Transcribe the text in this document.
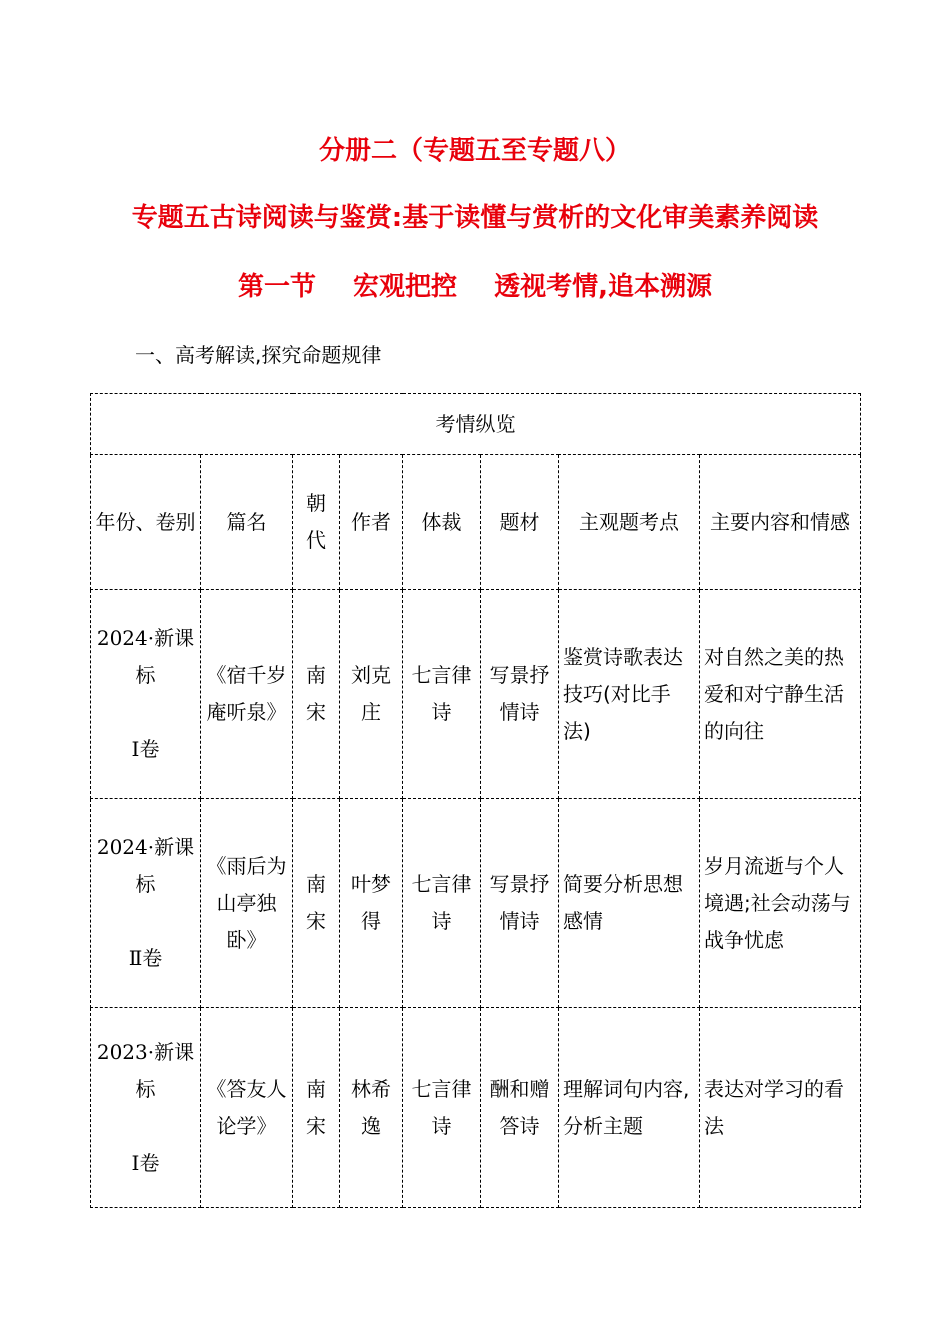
分册二（专题五至专题八）

专题五古诗阅读与鉴赏:基于读懂与赏析的文化审美素养阅读

第一节 宏观把控 透视考情,追本溯源

一、高考解读,探究命题规律

考情纵览							
年份、卷别	篇名	朝代	作者	体裁	题材	主观题考点	主要内容和情感
2024·新课标

Ⅰ卷	《宿千岁庵听泉》	南宋	刘克庄	七言律诗	写景抒情诗	鉴赏诗歌表达技巧(对比手法)	对自然之美的热爱和对宁静生活的向往
2024·新课标

Ⅱ卷	《雨后为山亭独卧》	南宋	叶梦得	七言律诗	写景抒情诗	简要分析思想感情	岁月流逝与个人境遇;社会动荡与战争忧虑
2023·新课标

Ⅰ卷	《答友人论学》	南宋	林希逸	七言律诗	酬和赠答诗	理解词句内容,分析主题	表达对学习的看法
